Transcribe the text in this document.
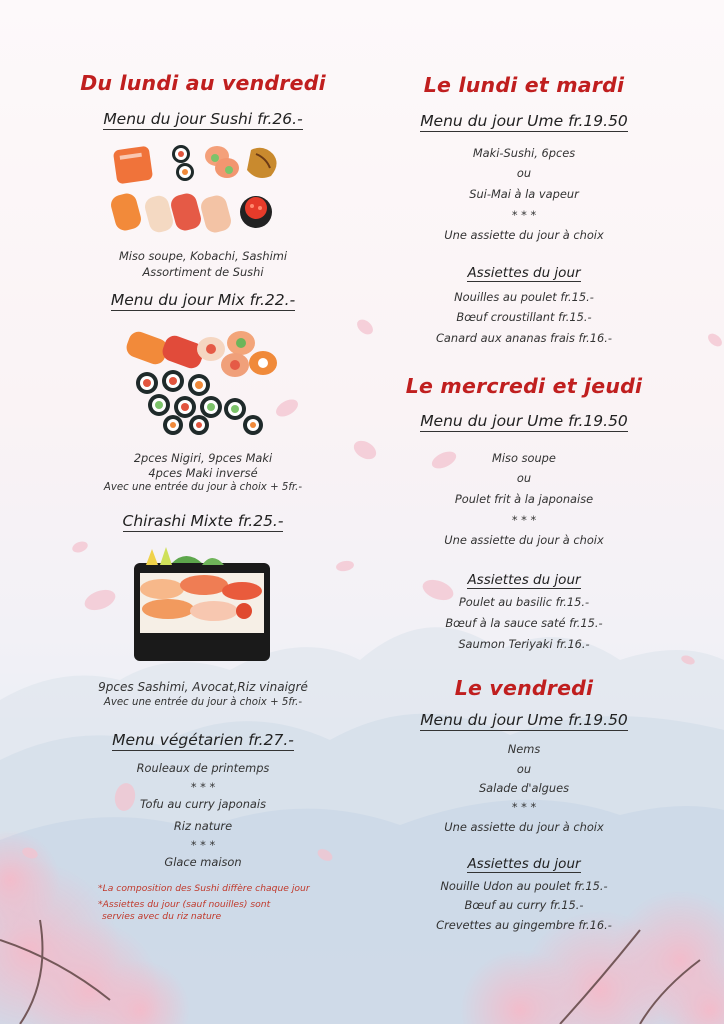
Du lundi au vendredi
Menu du jour Sushi fr.26.-
Miso soupe, Kobachi, Sashimi
Assortiment de Sushi
Menu du jour Mix fr.22.-
2pces Nigiri, 9pces Maki
4pces Maki inversé
Avec une entrée du jour à choix + 5fr.-
Chirashi Mixte fr.25.-
9pces Sashimi, Avocat,Riz vinaigré
Avec une entrée du jour à choix + 5fr.-
Menu végétarien fr.27.-
Rouleaux de printemps
* * *
Tofu au curry japonais
Riz nature
* * *
Glace maison
*La composition des Sushi diffère chaque jour
*Assiettes du jour (sauf nouilles) sont
servies avec du riz nature
Le lundi et mardi
Menu du jour Ume fr.19.50
Maki-Sushi, 6pces
ou
Sui-Mai à la vapeur
* * *
Une assiette du jour à choix
Assiettes du jour
Nouilles au poulet fr.15.-
Bœuf croustillant fr.15.-
Canard aux ananas frais fr.16.-
Le mercredi et jeudi
Menu du jour Ume fr.19.50
Miso soupe
ou
Poulet frit à la japonaise
* * *
Une assiette du jour à choix
Assiettes du jour
Poulet au basilic fr.15.-
Bœuf à la sauce saté fr.15.-
Saumon Teriyaki fr.16.-
Le vendredi
Menu du jour Ume fr.19.50
Nems
ou
Salade d'algues
* * *
Une assiette du jour à choix
Assiettes du jour
Nouille Udon au poulet fr.15.-
Bœuf au curry fr.15.-
Crevettes au gingembre fr.16.-
